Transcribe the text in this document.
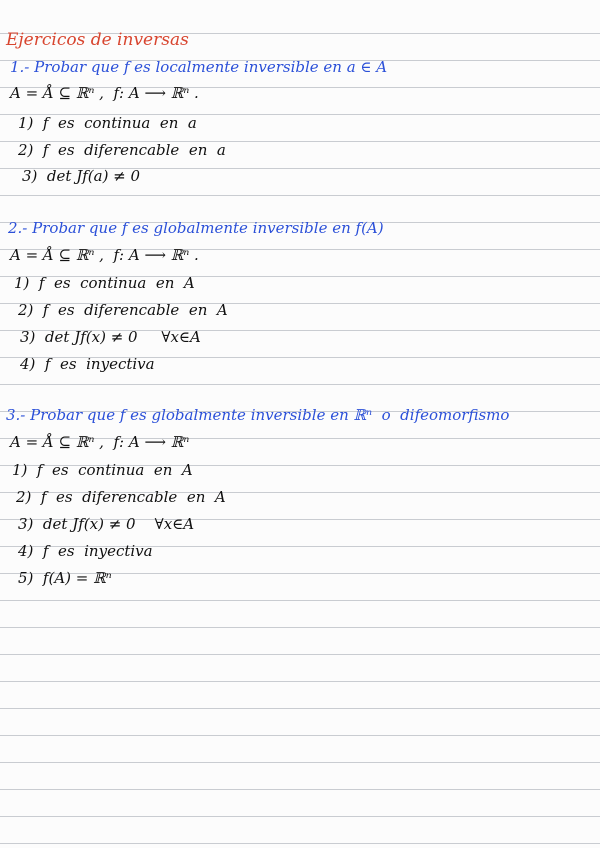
Ejercicos de inversas
1.- Probar que f es localmente inversible en a ∈ A
A = Å ⊆ ℝⁿ ,  f: A ⟶ ℝⁿ .
1)  f  es  continua  en  a
2)  f  es  diferencable  en  a
3)  det Jf(a) ≠ 0
2.- Probar que f es globalmente inversible en f(A)
A = Å ⊆ ℝⁿ ,  f: A ⟶ ℝⁿ .
1)  f  es  continua  en  A
2)  f  es  diferencable  en  A
3)  det Jf(x) ≠ 0     ∀x∈A
4)  f  es  inyectiva
3.- Probar que f es globalmente inversible en ℝⁿ  o  difeomorfismo
A = Å ⊆ ℝⁿ ,  f: A ⟶ ℝⁿ
1)  f  es  continua  en  A
2)  f  es  diferencable  en  A
3)  det Jf(x) ≠ 0    ∀x∈A
4)  f  es  inyectiva
5)  f(A) = ℝⁿ
